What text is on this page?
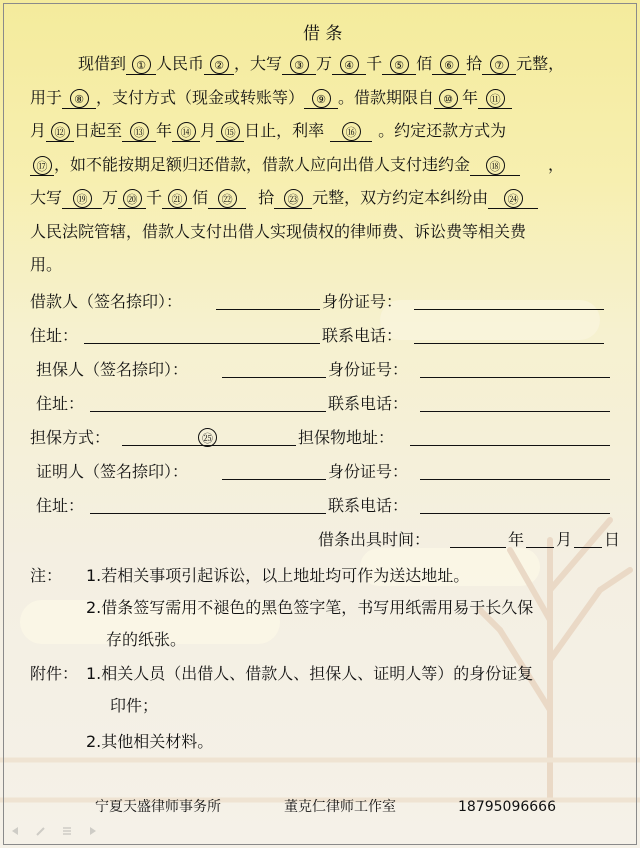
借 条
现借到 ① 人民币 ② ，大写 ③ 万 ④ 千 ⑤ 佰 ⑥ 拾 ⑦ 元整，
用于 ⑧ ，支付方式（现金或转账等） ⑨ 。借款期限自 ⑩ 年 ⑪
月 ⑫ 日起至 ⑬ 年 ⑭ 月 ⑮ 日止，利率 ⑯ 。约定还款方式为
⑰ ，如不能按期足额归还借款，借款人应向出借人支付违约金 ⑱	，
大写 ⑲ 万 ⑳ 千 ㉑ 佰 ㉒ 拾 ㉓ 元整，双方约定本纠纷由 ㉔
人民法院管辖，借款人支付出借人实现债权的律师费、诉讼费等相关费
用。
借款人（签名捺印）：	身份证号：
住址：	联系电话：
担保人（签名捺印）：	身份证号：
住址：	联系电话：
担保方式：	㉕	担保物地址：
证明人（签名捺印）：	身份证号：
住址：	联系电话：
借条出具时间：	年 月 日
注： 1.若相关事项引起诉讼，以上地址均可作为送达地址。
2.借条签写需用不褪色的黑色签字笔，书写用纸需用易于长久保
存的纸张。
附件： 1.相关人员（出借人、借款人、担保人、证明人等）的身份证复
印件；
2.其他相关材料。
宁夏天盛律师事务所	董克仁律师工作室	18795096666
